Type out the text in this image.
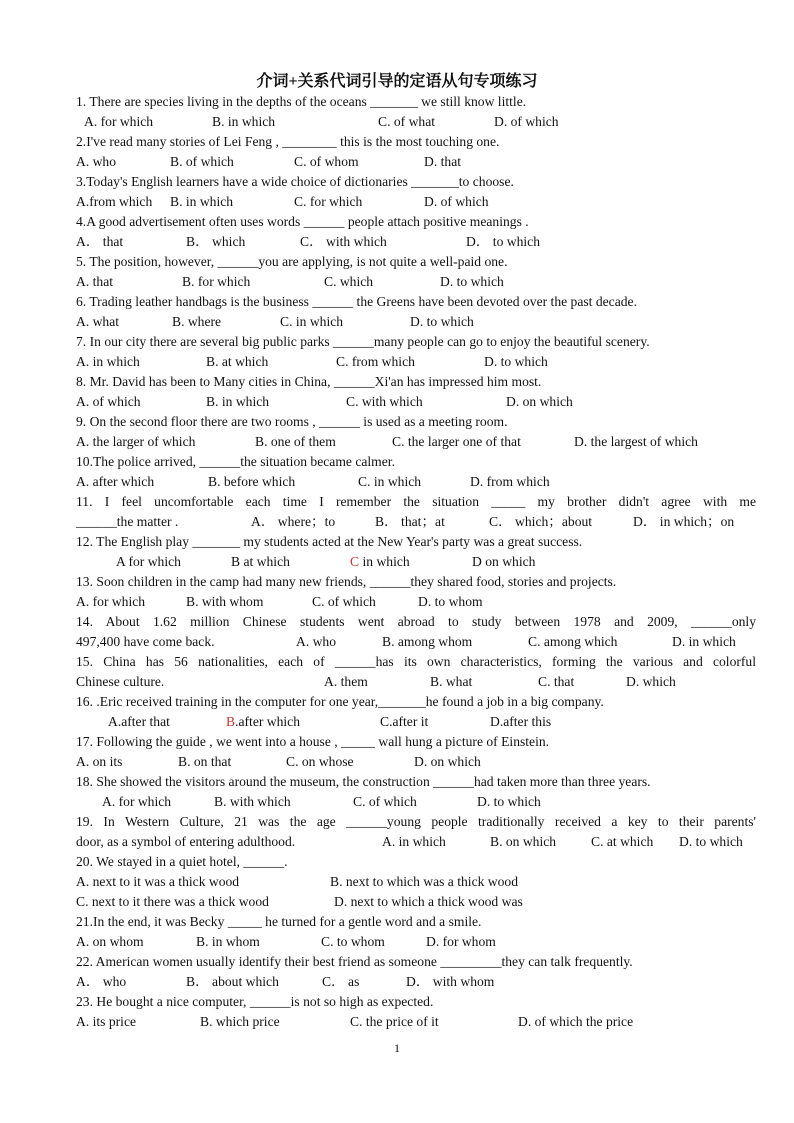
介词+关系代词引导的定语从句专项练习
1. There are species living in the depths of the oceans _______ we still know little.
A. for which	B. in which	C. of what	D. of which
2.I've read many stories of Lei Feng , ________ this is the most touching one.
A. who	B. of which	C. of whom	D. that
3.Today's English learners have a wide choice of dictionaries _______to choose.
A.from which B. in which	C. for which	D. of which
4.A good advertisement often uses words ______ people attach positive meanings .
A． that	B． which	C． with which	D． to which
5. The position, however, ______you are applying, is not quite a well-paid one.
A. that	B. for which	C. which	D. to which
6. Trading leather handbags is the business ______ the Greens have been devoted over the past decade.
A. what	B. where	C. in which	D. to which
7. In our city there are several big public parks ______many people can go to enjoy the beautiful scenery.
A. in which	B. at which	C. from which	D. to which
8. Mr. David has been to Many cities in China, ______Xi'an has impressed him most.
A. of which	B. in which	C. with which	D. on which
9. On the second floor there are two rooms , ______ is used as a meeting room.
A. the larger of which	B. one of them	C. the larger one of that	D. the largest of which
10.The police arrived, ______the situation became calmer.
A. after which	B. before which	C. in which	D. from which
11. I feel uncomfortable each time I remember the situation _____ my brother didn't agree with me
______the matter .	A． where；to	B． that；at	C． which；about	D． in which；on
12. The English play _______ my students acted at the New Year's party was a great success.
A for which	B at which	C in which	D on which
13. Soon children in the camp had many new friends, ______they shared food, stories and projects.
A. for which	B. with whom	C. of which	D. to whom
14. About 1.62 million Chinese students went abroad to study between 1978 and 2009, ______only
497,400 have come back.	A. who	B. among whom	C. among which	D. in which
15. China has 56 nationalities, each of ______has its own characteristics, forming the various and colorful
Chinese culture.	A. them	B. what	C. that	D. which
16. .Eric received training in the computer for one year,_______he found a job in a big company.
A.after that	B.after which	C.after it	D.after this
17. Following the guide , we went into a house , _____ wall hung a picture of Einstein.
A. on its	B. on that	C. on whose	D. on which
18. She showed the visitors around the museum, the construction ______had taken more than three years.
A. for which	B. with which	C. of which	D. to which
19. In Western Culture, 21 was the age ______young people traditionally received a key to their parents'
door, as a symbol of entering adulthood.	A. in which	B. on which	C. at which D. to which
20. We stayed in a quiet hotel, ______.
A. next to it was a thick wood	B. next to which was a thick wood
C. next to it there was a thick wood	D. next to which a thick wood was
21.In the end, it was Becky _____ he turned for a gentle word and a smile.
A. on whom	B. in whom	C. to whom	D. for whom
22. American women usually identify their best friend as someone _________they can talk frequently.
A． who	B． about which	C． as	D． with whom
23. He bought a nice computer, ______is not so high as expected.
A. its price	B. which price	C. the price of it	D. of which the price
1
